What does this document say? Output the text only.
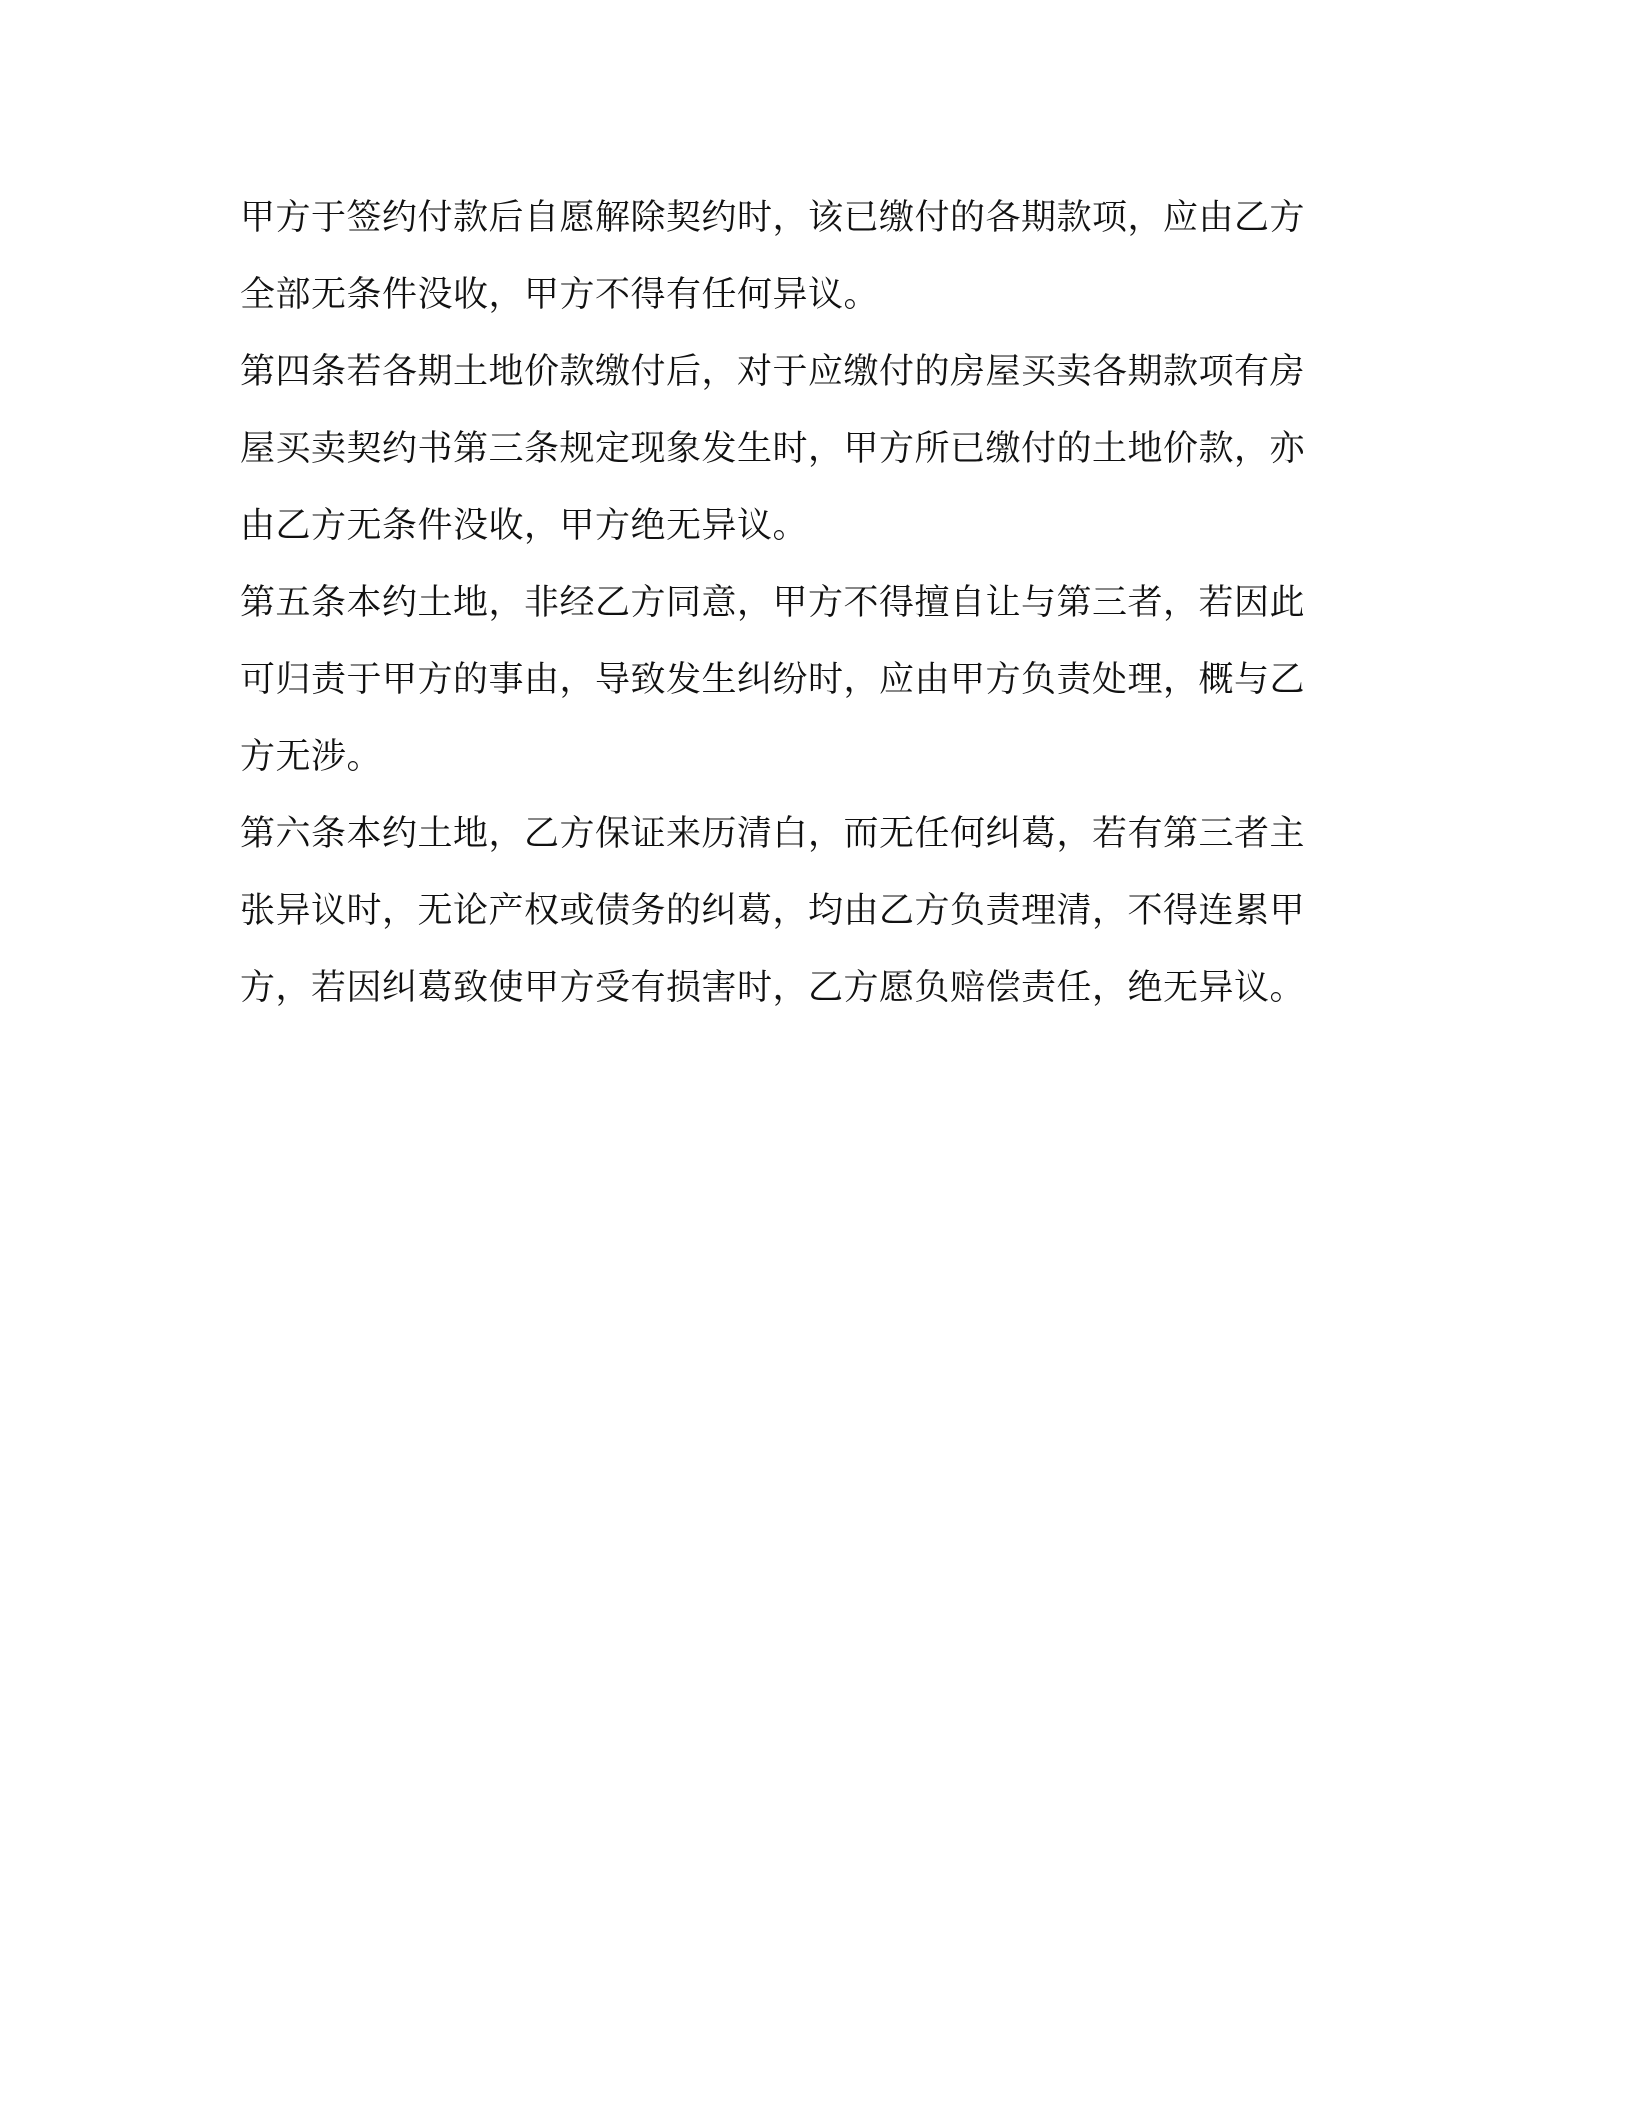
甲方于签约付款后自愿解除契约时，该已缴付的各期款项，应由乙方
全部无条件没收，甲方不得有任何异议。
第四条若各期土地价款缴付后，对于应缴付的房屋买卖各期款项有房
屋买卖契约书第三条规定现象发生时，甲方所已缴付的土地价款，亦
由乙方无条件没收，甲方绝无异议。
第五条本约土地，非经乙方同意，甲方不得擅自让与第三者，若因此
可归责于甲方的事由，导致发生纠纷时，应由甲方负责处理，概与乙
方无涉。
第六条本约土地，乙方保证来历清白，而无任何纠葛，若有第三者主
张异议时，无论产权或债务的纠葛，均由乙方负责理清，不得连累甲
方，若因纠葛致使甲方受有损害时，乙方愿负赔偿责任，绝无异议。
